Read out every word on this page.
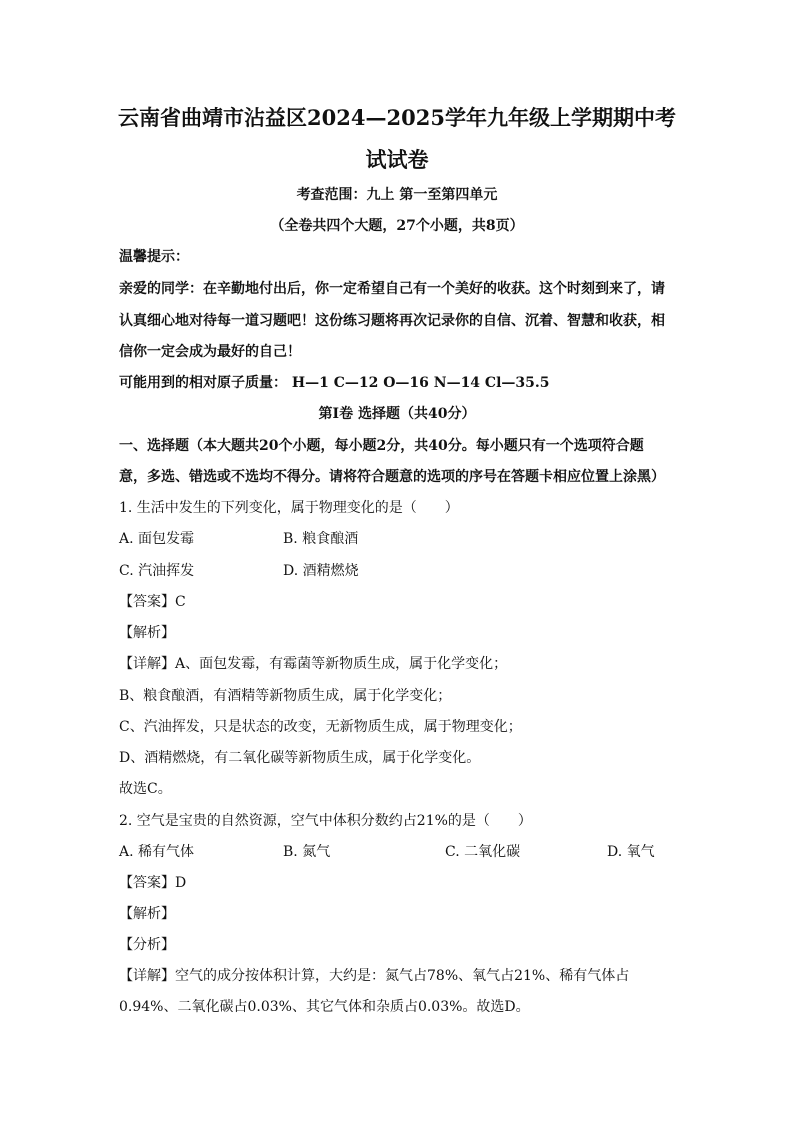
云南省曲靖市沾益区2024—2025学年九年级上学期期中考
试试卷
考查范围：九上 第一至第四单元
（全卷共四个大题，27个小题，共8页）
温馨提示：
亲爱的同学：在辛勤地付出后，你一定希望自己有一个美好的收获。这个时刻到来了，请
认真细心地对待每一道习题吧！这份练习题将再次记录你的自信、沉着、智慧和收获，相
信你一定会成为最好的自己！
可能用到的相对原子质量： H—1 C—12 O—16 N—14 Cl—35.5
第Ⅰ卷 选择题（共40分）
一、选择题（本大题共20个小题，每小题2分，共40分。每小题只有一个选项符合题
意，多选、错选或不选均不得分。请将符合题意的选项的序号在答题卡相应位置上涂黑）
1. 生活中发生的下列变化，属于物理变化的是（　　）
A. 面包发霉	B. 粮食酿酒
C. 汽油挥发	D. 酒精燃烧
【答案】C
【解析】
【详解】A、面包发霉，有霉菌等新物质生成，属于化学变化；
B、粮食酿酒，有酒精等新物质生成，属于化学变化；
C、汽油挥发，只是状态的改变，无新物质生成，属于物理变化；
D、酒精燃烧，有二氧化碳等新物质生成，属于化学变化。
故选C。
2. 空气是宝贵的自然资源，空气中体积分数约占21%的是（　　）
A. 稀有气体	B. 氮气	C. 二氧化碳	D. 氧气
【答案】D
【解析】
【分析】
【详解】空气的成分按体积计算，大约是：氮气占78%、氧气占21%、稀有气体占
0.94%、二氧化碳占0.03%、其它气体和杂质占0.03%。故选D。
